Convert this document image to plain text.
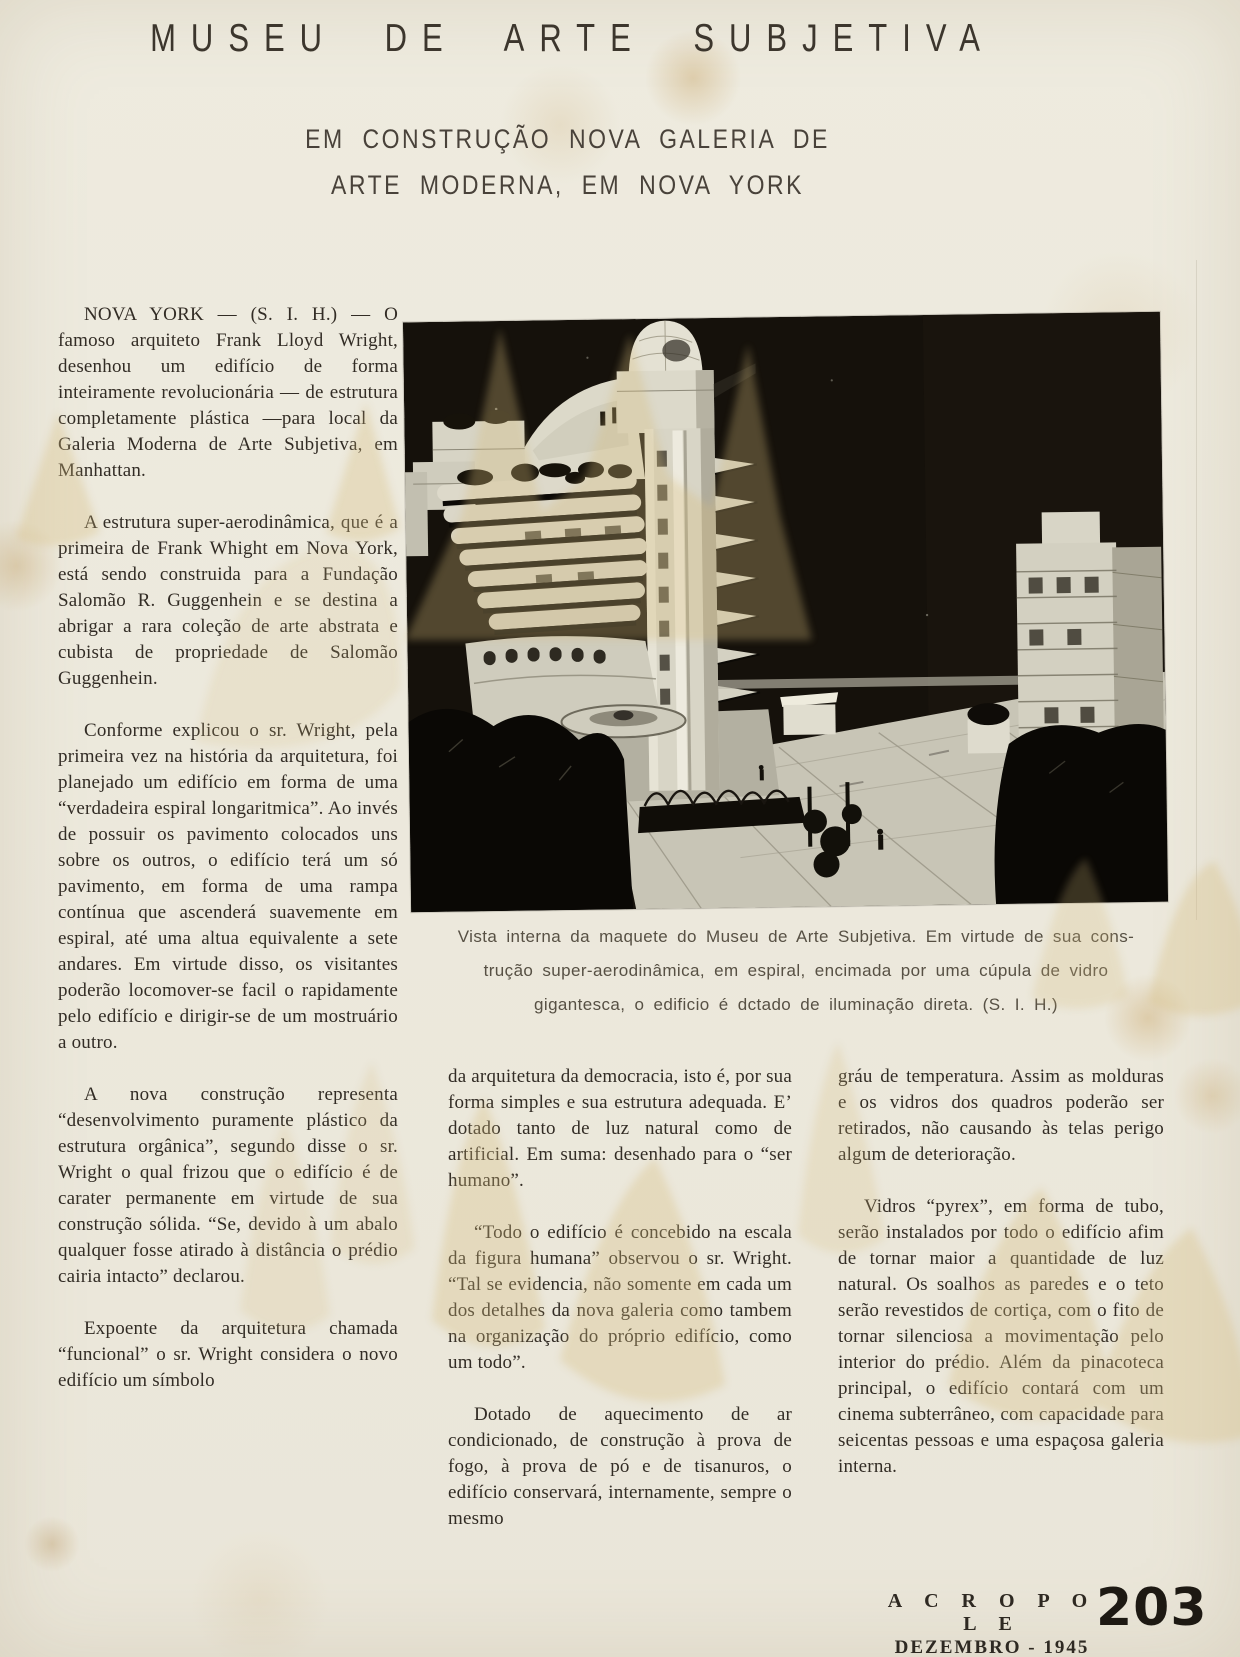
MUSEU DE ARTE SUBJETIVA
EM CONSTRUÇÃO NOVA GALERIA DE
ARTE MODERNA, EM NOVA YORK

NOVA YORK — (S. I. H.) — O famoso arquiteto Frank Lloyd Wright, desenhou um edifício de forma inteiramente revolucionária — de estrutura completamente plástica —para local da Galeria Moderna de Arte Subjetiva, em Manhattan.

A estrutura super-aerodinâmica, que é a primeira de Frank Whight em Nova York, está sendo construida para a Fundação Salomão R. Guggenhein e se destina a abrigar a rara coleção de arte abstrata e cubista de propriedade de Salomão Guggenhein.

Conforme explicou o sr. Wright, pela primeira vez na história da arquitetura, foi planejado um edifício em forma de uma “verdadeira espiral longaritmica”. Ao invés de possuir os pavimento colocados uns sobre os outros, o edifício terá um só pavimento, em forma de uma rampa contínua que ascenderá suavemente em espiral, até uma altua equivalente a sete andares. Em virtude disso, os visitantes poderão locomover-se facil o rapidamente pelo edifício e dirigir-se de um mostruário a outro.

A nova construção representa “desenvolvimento puramente plástico da estrutura orgânica”, segundo disse o sr. Wright o qual frizou que o edifício é de carater permanente em virtude de sua construção sólida. “Se, devido à um abalo qualquer fosse atirado à distância o prédio cairia intacto” declarou.

Expoente da arquitetura chamada “funcional” o sr. Wright considera o novo edifício um símbolo

Vista interna da maquete do Museu de Arte Subjetiva. Em virtude de sua cons-
trução super-aerodinâmica, em espiral, encimada por uma cúpula de vidro
gigantesca, o edificio é dctado de iluminação direta. (S. I. H.)

da arquitetura da democracia, isto é, por sua forma simples e sua estrutura adequada. E’ dotado tanto de luz natural como de artificial. Em suma: desenhado para o “ser humano”.

“Todo o edifício é concebido na escala da figura humana” observou o sr. Wright. “Tal se evidencia, não somente em cada um dos detalhes da nova galeria como tambem na organização do próprio edifício, como um todo”.

Dotado de aquecimento de ar condicionado, de construção à prova de fogo, à prova de pó e de tisanuros, o edifício conservará, internamente, sempre o mesmo

gráu de temperatura. Assim as molduras e os vidros dos quadros poderão ser retirados, não causando às telas perigo algum de deterioração.

Vidros “pyrex”, em forma de tubo, serão instalados por todo o edifício afim de tornar maior a quantidade de luz natural. Os soalhos as paredes e o teto serão revestidos de cortiça, com o fito de tornar silenciosa a movimentação pelo interior do prédio. Além da pinacoteca principal, o edifício contará com um cinema subterrâneo, com capacidade para seicentas pessoas e uma espaçosa galeria interna.

A C R O P O L E
DEZEMBRO - 1945
203
